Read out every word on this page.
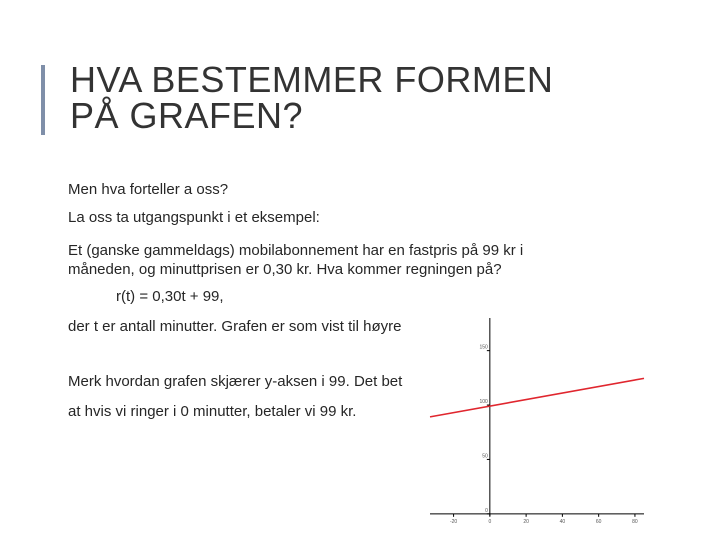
HVA BESTEMMER FORMEN
PÅ GRAFEN?
Men hva forteller a oss?
La oss ta utgangspunkt i et eksempel:
Et (ganske gammeldags) mobilabonnement har en fastpris på 99 kr i
måneden, og minuttprisen er 0,30 kr. Hva kommer regningen på?
r(t) = 0,30t + 99,
der t er antall minutter. Grafen er som vist til høyre
Merk hvordan grafen skjærer y-aksen i 99. Det bet
at hvis vi ringer i 0 minutter, betaler vi 99 kr.
-20	0	20	40	60	80
0
50
100
150
